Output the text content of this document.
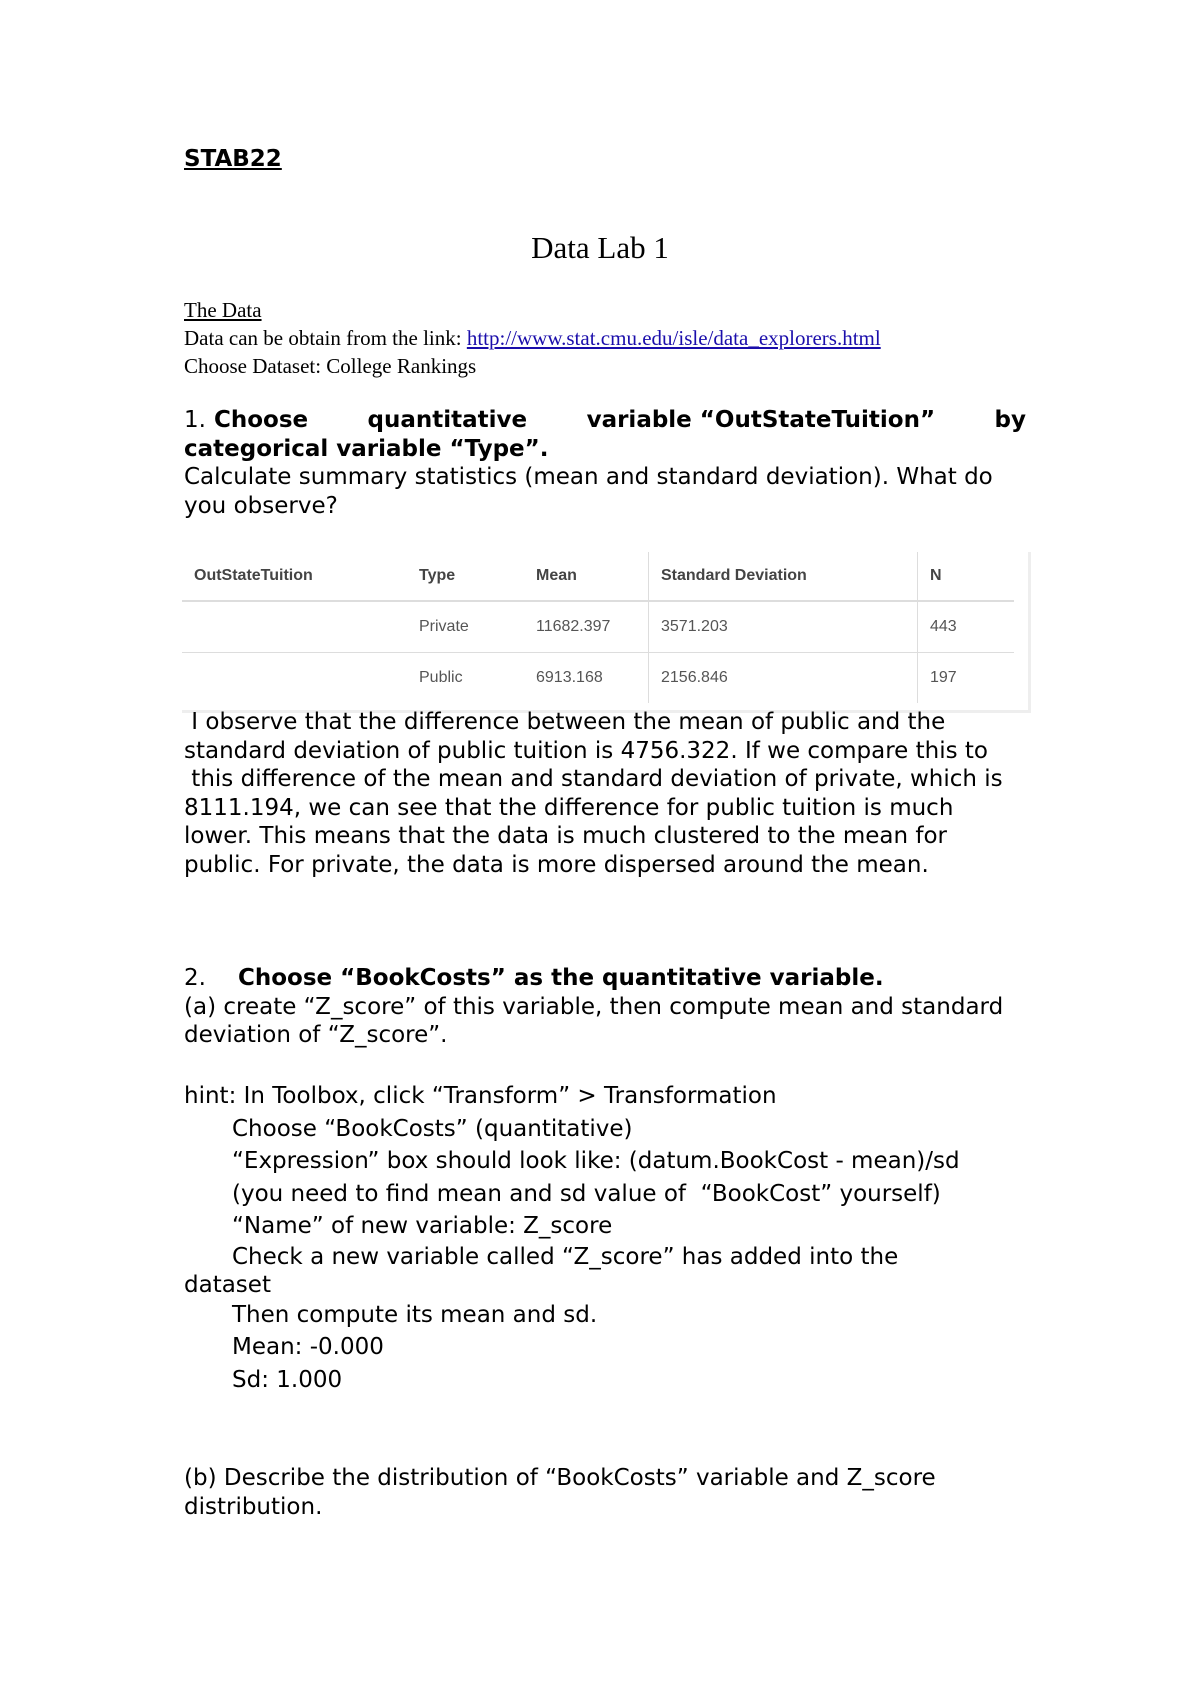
STAB22
Data Lab 1
The Data
Data can be obtain from the link: http://www.stat.cmu.edu/isle/data_explorers.html
Choose Dataset: College Rankings
1. Choose	quantitative	variable “OutStateTuition”	by
categorical variable “Type”.
Calculate summary statistics (mean and standard deviation). What do you observe?
OutStateTuition	Type	Mean	Standard Deviation	N
	Private	11682.397	3571.203	443
	Public	6913.168	2156.846	197
I observe that the difference between the mean of public and the standard deviation of public tuition is 4756.322. If we compare this to  this difference of the mean and standard deviation of private, which is 8111.194, we can see that the difference for public tuition is much lower. This means that the data is much clustered to the mean for public. For private, the data is more dispersed around the mean.
2. Choose “BookCosts” as the quantitative variable.
(a) create “Z_score” of this variable, then compute mean and standard deviation of “Z_score”.
hint: In Toolbox, click “Transform” > Transformation
Choose “BookCosts” (quantitative)
“Expression” box should look like: (datum.BookCost - mean)/sd
(you need to find mean and sd value of  “BookCost” yourself)
“Name” of new variable: Z_score
Check a new variable called “Z_score” has added into the
dataset
Then compute its mean and sd.
Mean: -0.000
Sd: 1.000
(b) Describe the distribution of “BookCosts” variable and Z_score distribution.
